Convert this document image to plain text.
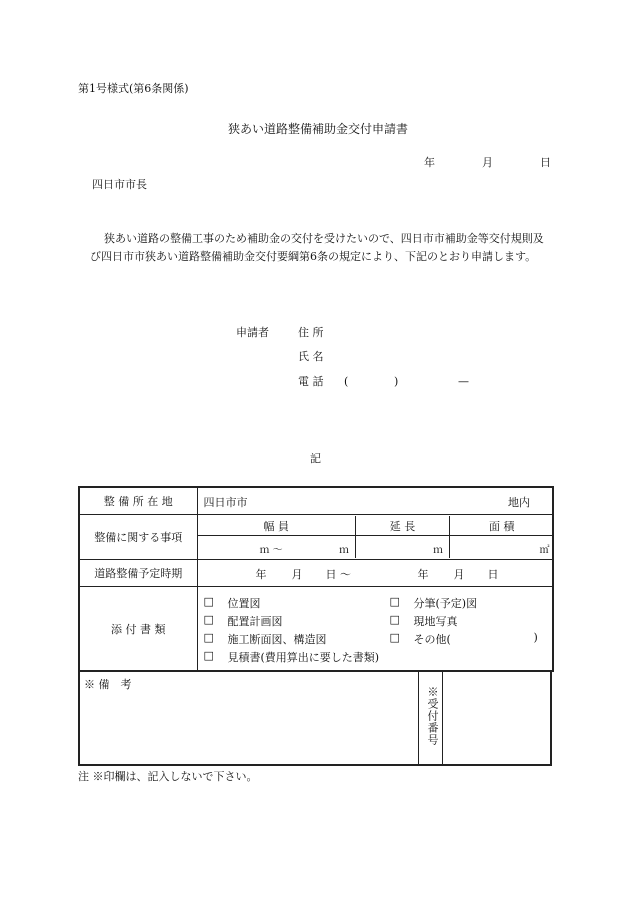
第1号様式(第6条関係)
狭あい道路整備補助金交付申請書
年	月	日
四日市市長
狭あい道路の整備工事のため補助金の交付を受けたいので、四日市市補助金等交付規則及
び四日市市狭あい道路整備補助金交付要綱第6条の規定により、下記のとおり申請します。
申請者	住 所
氏 名
電 話 (	)	—
記
整 備 所 在 地	四日市市	地内

整備に関する事項	
幅 員	延 長	面 積

ｍ 〜	ｍ	ｍ	㎡

道路整備予定時期	年 月 日 〜	年 月 日

添 付 書 類	
□ 位置図	□ 分筆(予定)図
□ 配置計画図	□ 現地写真
□ 施工断面図、構造図	□ その他(	)
□ 見積書(費用算出に要した書類)
※ 備　考
※受付番号
注 ※印欄は、記入しないで下さい。
